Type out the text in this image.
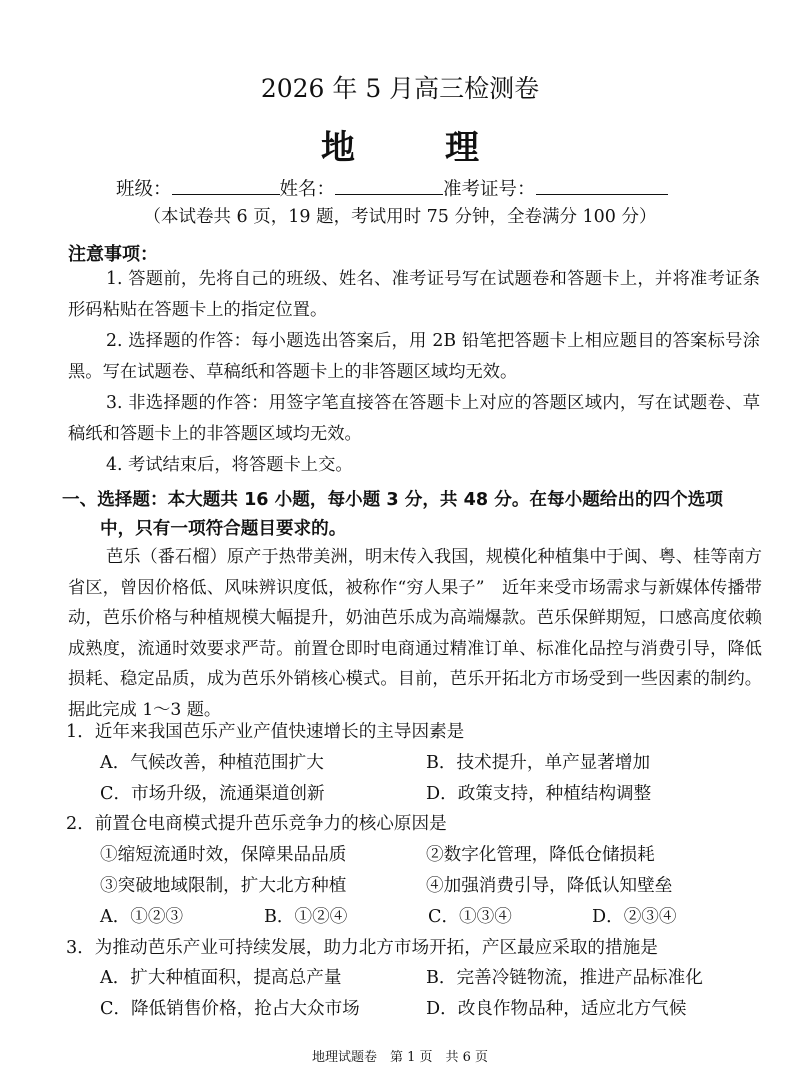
2026 年 5 月高三检测卷
地　理
班级：	姓名：	准考证号：
（本试卷共 6 页，19 题，考试用时 75 分钟，全卷满分 100 分）
注意事项：

1. 答题前，先将自己的班级、姓名、准考证号写在试题卷和答题卡上，并将准考证条形码粘贴在答题卡上的指定位置。

2. 选择题的作答：每小题选出答案后，用 2B 铅笔把答题卡上相应题目的答案标号涂黑。写在试题卷、草稿纸和答题卡上的非答题区域均无效。

3. 非选择题的作答：用签字笔直接答在答题卡上对应的答题区域内，写在试题卷、草稿纸和答题卡上的非答题区域均无效。

4. 考试结束后，将答题卡上交。

一、选择题：本大题共 16 小题，每小题 3 分，共 48 分。在每小题给出的四个选项
中，只有一项符合题目要求的。

芭乐（番石榴）原产于热带美洲，明末传入我国，规模化种植集中于闽、粤、桂等南方省区，曾因价格低、风味辨识度低，被称作“穷人果子”　近年来受市场需求与新媒体传播带动，芭乐价格与种植规模大幅提升，奶油芭乐成为高端爆款。芭乐保鲜期短，口感高度依赖成熟度，流通时效要求严苛。前置仓即时电商通过精准订单、标准化品控与消费引导，降低损耗、稳定品质，成为芭乐外销核心模式。目前，芭乐开拓北方市场受到一些因素的制约。据此完成 1～3 题。

1．近年来我国芭乐产业产值快速增长的主导因素是
A．气候改善，种植范围扩大	B．技术提升，单产显著增加
C．市场升级，流通渠道创新	D．政策支持，种植结构调整
2．前置仓电商模式提升芭乐竞争力的核心原因是
①缩短流通时效，保障果品品质	②数字化管理，降低仓储损耗
③突破地域限制，扩大北方种植	④加强消费引导，降低认知壁垒
A．①②③	B．①②④	C．①③④	D．②③④
3．为推动芭乐产业可持续发展，助力北方市场开拓，产区最应采取的措施是
A．扩大种植面积，提高总产量	B．完善冷链物流，推进产品标准化
C．降低销售价格，抢占大众市场	D．改良作物品种，适应北方气候
地理试题卷　第 1 页　共 6 页
